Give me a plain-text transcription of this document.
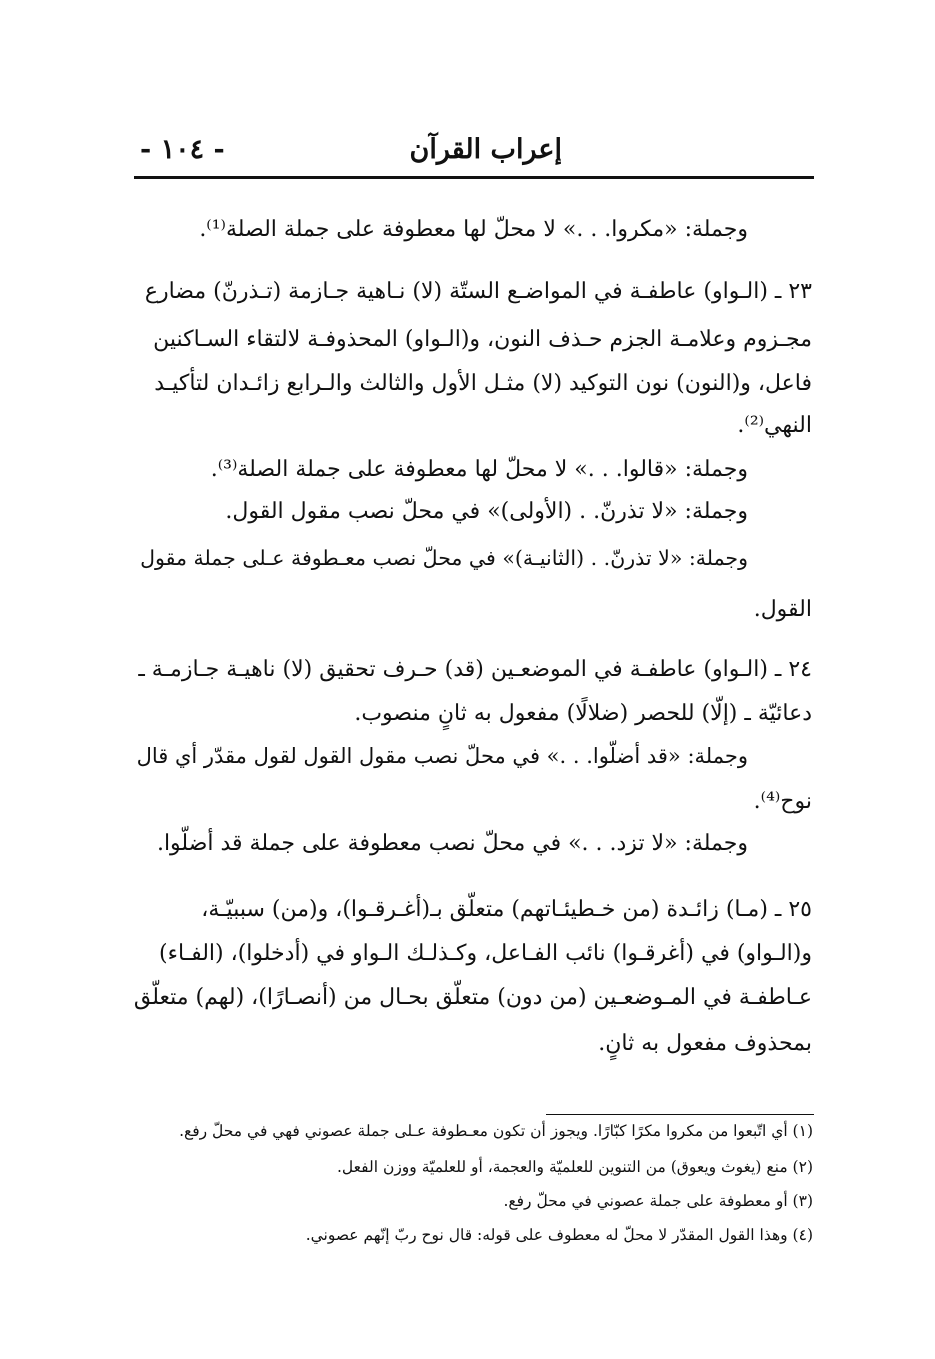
إعراب القرآن
- ١٠٤ -
وجملة: «مكروا. . .» لا محلّ لها معطوفة على جملة الصلة⁽¹⁾.
٢٣ ـ (الـواو) عاطفـة في المواضـع الستّة (لا) نـاهية جـازمة (تـذرنّ) مضارع
مجـزوم وعلامـة الجزم حـذف النون، و(الـواو) المحذوفـة لالتقاء السـاكنين
فاعل، و(النون) نون التوكيد (لا) مثـل الأول والثالث والـرابع زائـدان لتأكيـد
النهي⁽²⁾.
وجملة: «قالوا. . .» لا محلّ لها معطوفة على جملة الصلة⁽³⁾.
وجملة: «لا تذرنّ. . (الأولى)» في محلّ نصب مقول القول.
وجملة: «لا تذرنّ. . (الثانيـة)» في محلّ نصب معـطوفة عـلى جملة مقول
القول.
٢٤ ـ (الـواو) عاطفـة في الموضعـين (قد) حـرف تحقيق (لا) ناهيـة جـازمـة ـ
دعائيّة ـ (إلّا) للحصر (ضلالًا) مفعول به ثانٍ منصوب.
وجملة: «قد أضلّوا. . .» في محلّ نصب مقول القول لقول مقدّر أي قال
نوح⁽⁴⁾.
وجملة: «لا تزد. . .» في محلّ نصب معطوفة على جملة قد أضلّوا.
٢٥ ـ (مـا) زائـدة (من خـطيئـاتهم) متعلّق بـ(أغـرقـوا)، و(من) سببيّـة،
و(الـواو) في (أغرقـوا) نائب الفـاعل، وكـذلـك الـواو في (أدخلوا)، (الفـاء)
عـاطفـة في المـوضعـين (من دون) متعلّق بحـال من (أنصـارًا)، (لهم) متعلّق
بمحذوف مفعول به ثانٍ.
(١) أي اتّبعوا من مكروا مكرًا كبّارًا. ويجوز أن تكون معـطوفة عـلى جملة عصوني فهي في محلّ رفع.
(٢) منع (يغوث ويعوق) من التنوين للعلميّة والعجمة، أو للعلميّة ووزن الفعل.
(٣) أو معطوفة على جملة عصوني في محلّ رفع.
(٤) وهذا القول المقدّر لا محلّ له معطوف على قوله: قال نوح ربّ إنّهم عصوني.
